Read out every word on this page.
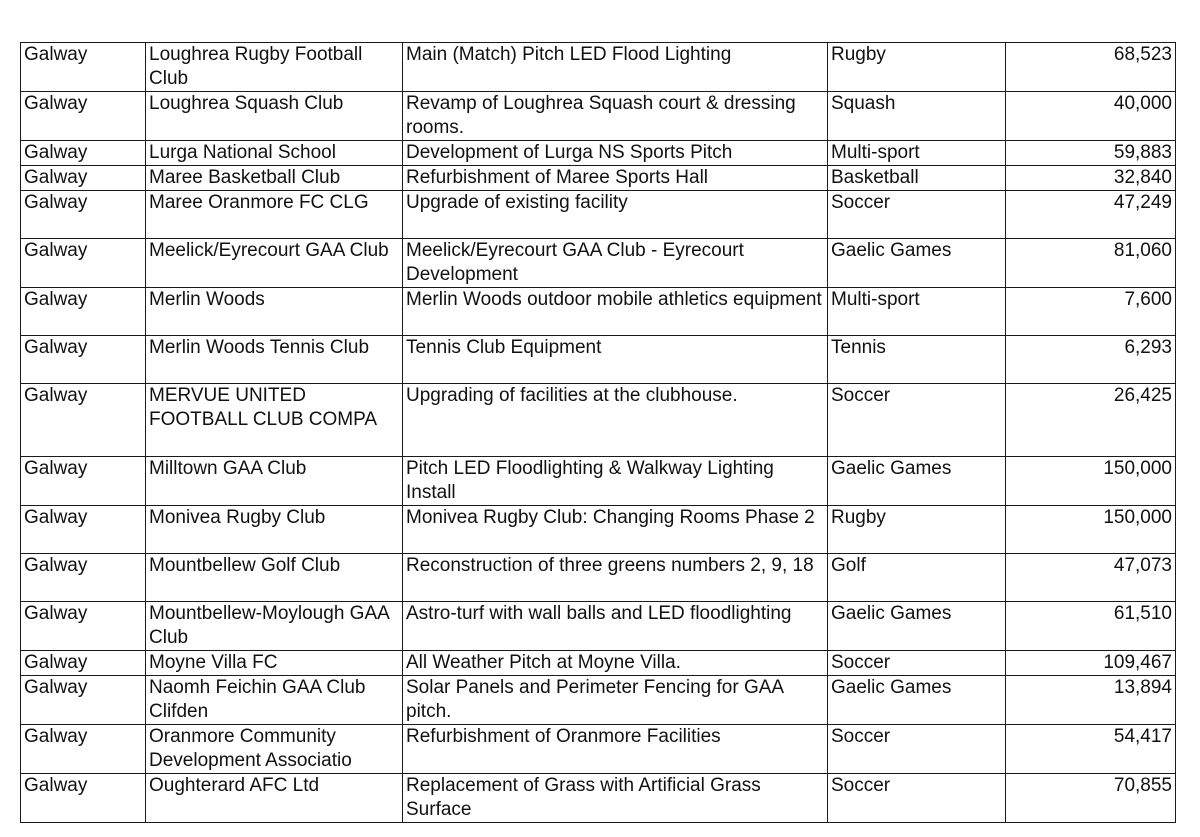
Galway	Loughrea Rugby Football Club	Main (Match) Pitch LED Flood Lighting	Rugby	68,523
Galway	Loughrea Squash Club	Revamp of Loughrea Squash court & dressing rooms.	Squash	40,000
Galway	Lurga National School	Development of Lurga NS Sports Pitch	Multi-sport	59,883
Galway	Maree Basketball Club	Refurbishment of Maree Sports Hall	Basketball	32,840
Galway	Maree Oranmore FC CLG	Upgrade of existing facility	Soccer	47,249
Galway	Meelick/Eyrecourt GAA Club	Meelick/Eyrecourt GAA Club - Eyrecourt Development	Gaelic Games	81,060
Galway	Merlin Woods	Merlin Woods outdoor mobile athletics equipment	Multi-sport	7,600
Galway	Merlin Woods Tennis Club	Tennis Club Equipment	Tennis	6,293
Galway	MERVUE UNITED FOOTBALL CLUB COMPA	Upgrading of facilities at the clubhouse.	Soccer	26,425
Galway	Milltown GAA Club	Pitch LED Floodlighting & Walkway Lighting Install	Gaelic Games	150,000
Galway	Monivea Rugby Club	Monivea Rugby Club: Changing Rooms Phase 2	Rugby	150,000
Galway	Mountbellew Golf Club	Reconstruction of three greens numbers 2, 9, 18	Golf	47,073
Galway	Mountbellew-Moylough GAA Club	Astro-turf with wall balls and LED floodlighting	Gaelic Games	61,510
Galway	Moyne Villa FC	All Weather Pitch at Moyne Villa.	Soccer	109,467
Galway	Naomh Feichin GAA Club Clifden	Solar Panels and Perimeter Fencing for GAA pitch.	Gaelic Games	13,894
Galway	Oranmore Community Development Associatio	Refurbishment of Oranmore Facilities	Soccer	54,417
Galway	Oughterard AFC Ltd	Replacement of Grass with Artificial Grass Surface	Soccer	70,855
